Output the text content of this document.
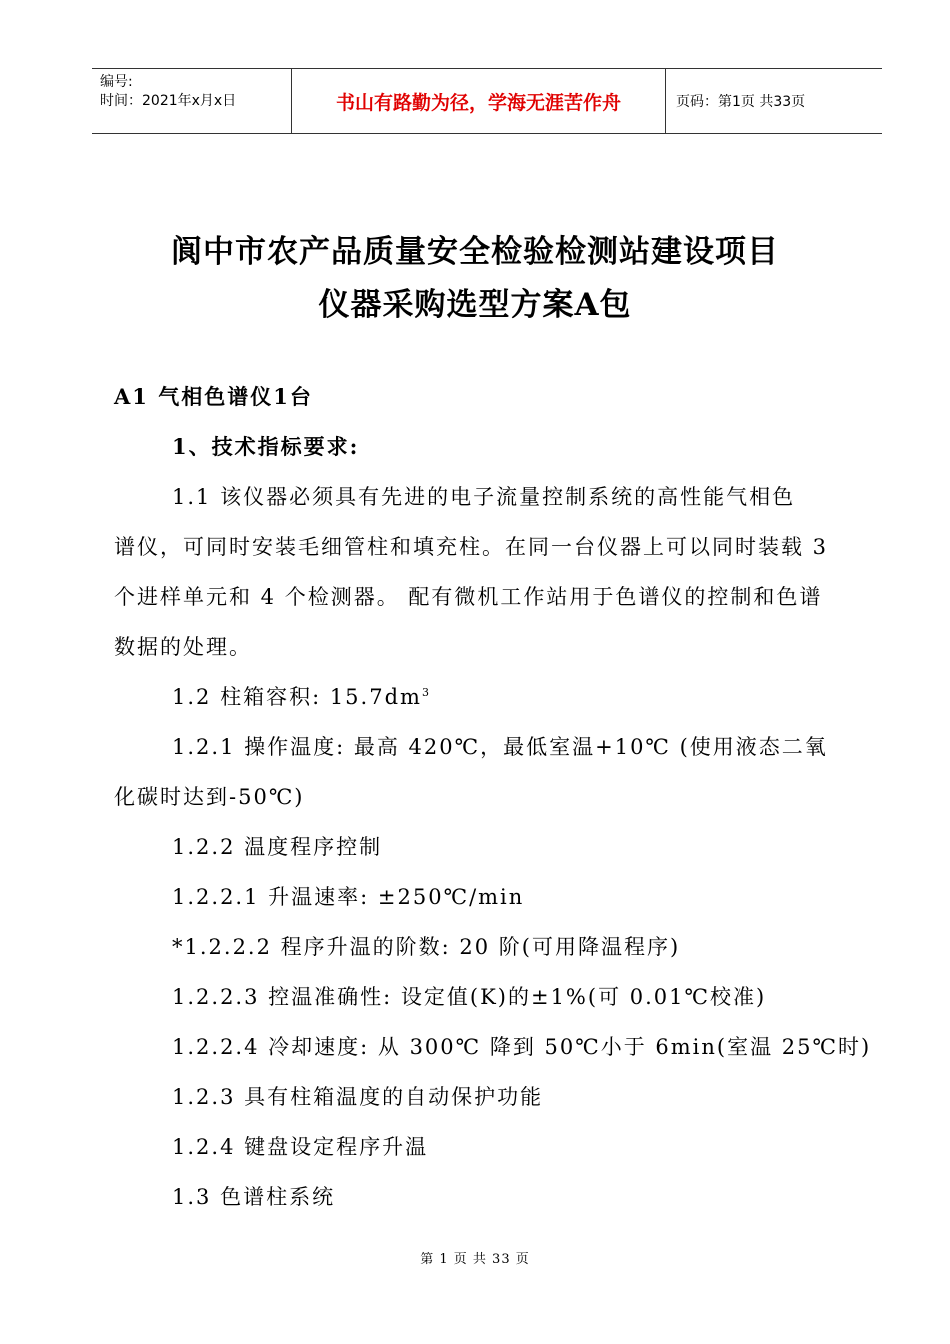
编号:
时间：2021年x月x日	书山有路勤为径，学海无涯苦作舟	页码：第1页 共33页
阆中市农产品质量安全检验检测站建设项目
仪器采购选型方案A包
A1 气相色谱仪1台
1、技术指标要求:
1.1 该仪器必须具有先进的电子流量控制系统的高性能气相色
谱仪，可同时安装毛细管柱和填充柱。在同一台仪器上可以同时装载 3
个进样单元和 4 个检测器。 配有微机工作站用于色谱仪的控制和色谱
数据的处理。
1.2 柱箱容积: $15.7dm^3$
1.2.1 操作温度: 最高 420℃，最低室温+10℃ (使用液态二氧
化碳时达到-50℃)
1.2.2 温度程序控制
1.2.2.1 升温速率: ±250℃/min
*1.2.2.2 程序升温的阶数: 20 阶(可用降温程序)
1.2.2.3 控温准确性: 设定值(K)的±1%(可 0.01℃校准)
1.2.2.4 冷却速度: 从 300℃ 降到 50℃小于 6min(室温 25℃时)
1.2.3 具有柱箱温度的自动保护功能
1.2.4 键盘设定程序升温
1.3 色谱柱系统
第 1 页 共 33 页
